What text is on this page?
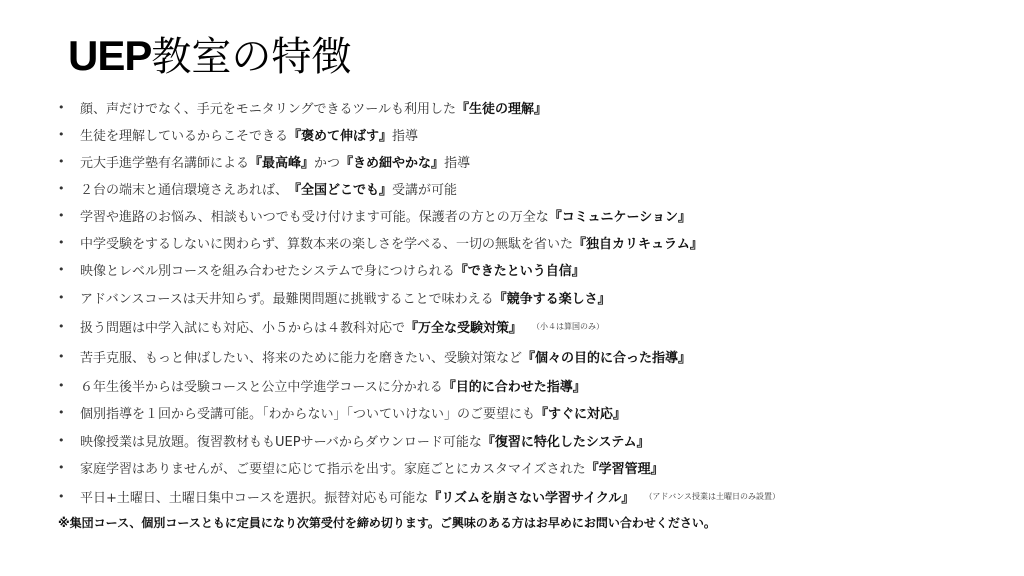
UEP教室の特徴
•	顔、声だけでなく、手元をモニタリングできるツールも利用した 『生徒の理解』
•	生徒を理解しているからこそできる 『褒めて伸ばす』 指導
•	元大手進学塾有名講師による 『最高峰』 かつ 『きめ細やかな』 指導
•	２台の端末と通信環境さえあれば、 『全国どこでも』 受講が可能
•	学習や進路のお悩み、相談もいつでも受け付けます可能。保護者の方との万全な 『コミュニケーション』
•	中学受験をするしないに関わらず、算数本来の楽しさを学べる、一切の無駄を省いた 『独自カリキュラム』
•	映像とレベル別コースを組み合わせたシステムで身につけられる 『できたという自信』
•	アドバンスコースは天井知らず。最難関問題に挑戦することで味わえる 『競争する楽しさ』
•	扱う問題は中学入試にも対応、小５からは４教科対応で 『万全な受験対策』 （小４は算国のみ）
•	苦手克服、もっと伸ばしたい、将来のために能力を磨きたい、受験対策など 『個々の目的に合った指導』
•	６年生後半からは受験コースと公立中学進学コースに分かれる 『目的に合わせた指導』
•	個別指導を１回から受講可能。「わからない」「ついていけない」のご要望にも 『すぐに対応』
•	映像授業は見放題。復習教材ももUEPサーバからダウンロード可能な 『復習に特化したシステム』
•	家庭学習はありませんが、ご要望に応じて指示を出す。家庭ごとにカスタマイズされた 『学習管理』
•	平日+土曜日、土曜日集中コースを選択。振替対応も可能な 『リズムを崩さない学習サイクル』 （アドバンス授業は土曜日のみ設置）
※集団コース、個別コースともに定員になり次第受付を締め切ります。ご興味のある方はお早めにお問い合わせください。
